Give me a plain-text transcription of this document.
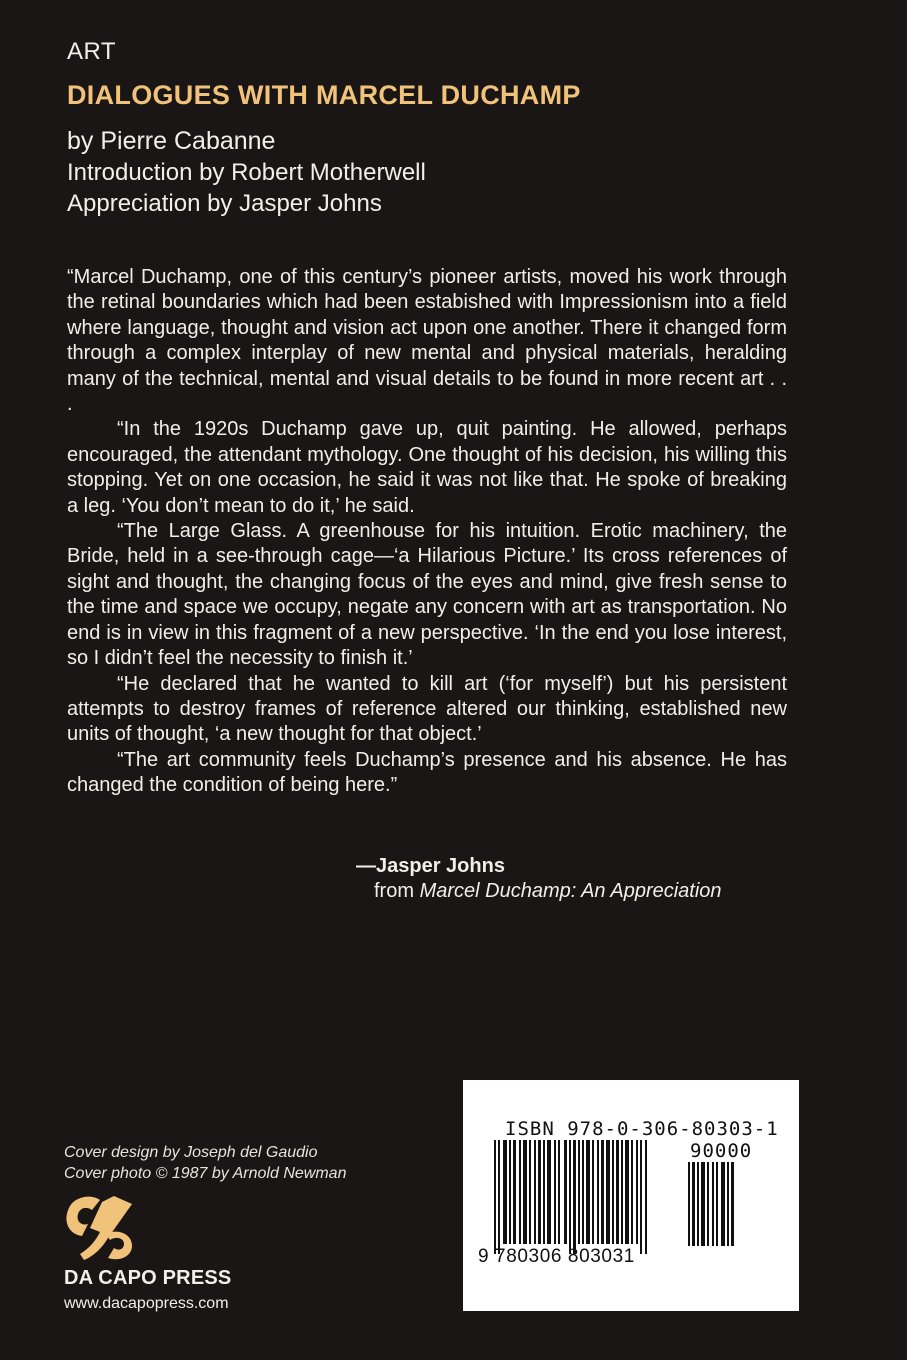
ART
DIALOGUES WITH MARCEL DUCHAMP
by Pierre Cabanne
Introduction by Robert Motherwell
Appreciation by Jasper Johns

“Marcel Duchamp, one of this century’s pioneer artists, moved his work through the retinal boundaries which had been estabished with Impressionism into a field where language, thought and vision act upon one another. There it changed form through a complex interplay of new mental and physical materials, heralding many of the technical, mental and visual details to be found in more recent art . . .

“In the 1920s Duchamp gave up, quit painting. He allowed, perhaps encouraged, the attendant mythology. One thought of his decision, his willing this stopping. Yet on one occasion, he said it was not like that. He spoke of breaking a leg. ‘You don’t mean to do it,’ he said.

“The Large Glass. A greenhouse for his intuition. Erotic machinery, the Bride, held in a see-through cage—‘a Hilarious Picture.’ Its cross references of sight and thought, the changing focus of the eyes and mind, give fresh sense to the time and space we occupy, negate any concern with art as transportation. No end is in view in this fragment of a new perspective. ‘In the end you lose interest, so I didn’t feel the necessity to finish it.’

“He declared that he wanted to kill art (‘for myself’) but his persistent attempts to destroy frames of reference altered our thinking, established new units of thought, ‘a new thought for that object.’

“The art community feels Duchamp’s presence and his absence. He has changed the condition of being here.”

—Jasper Johns
from Marcel Duchamp: An Appreciation
Cover design by Joseph del Gaudio
Cover photo © 1987 by Arnold Newman
DA CAPO PRESS
www.dacapopress.com
ISBN 978-0-306-80303-1
90000
9 780306 803031
